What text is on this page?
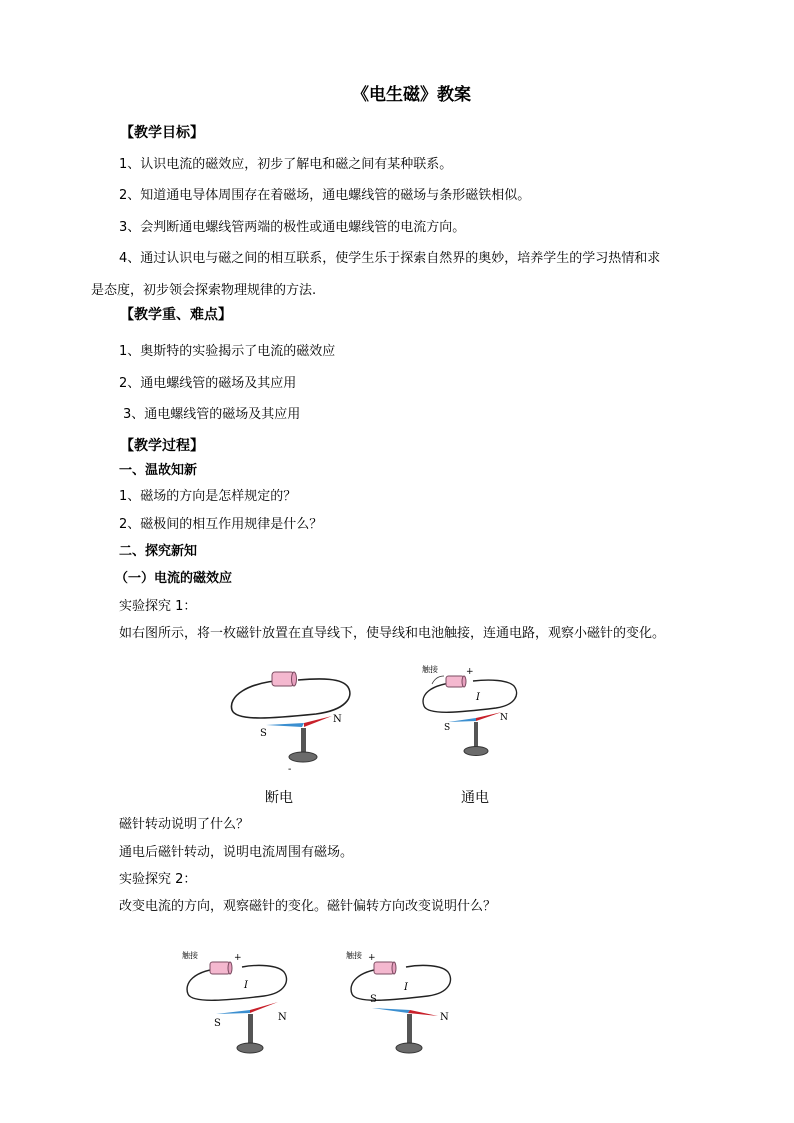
《电生磁》教案
【教学目标】
1、认识电流的磁效应，初步了解电和磁之间有某种联系。
2、知道通电导体周围存在着磁场，通电螺线管的磁场与条形磁铁相似。
3、会判断通电螺线管两端的极性或通电螺线管的电流方向。
4、通过认识电与磁之间的相互联系，使学生乐于探索自然界的奥妙，培养学生的学习热情和求
是态度，初步领会探索物理规律的方法.
【教学重、难点】
1、奥斯特的实验揭示了电流的磁效应
2、通电螺线管的磁场及其应用
3、通电螺线管的磁场及其应用
【教学过程】
一、温故知新
1、磁场的方向是怎样规定的？
2、磁极间的相互作用规律是什么？
二、探究新知
（一）电流的磁效应
实验探究 1：
如右图所示，将一枚磁针放置在直导线下，使导线和电池触接，连通电路，观察小磁针的变化。
S
N
-
触接	+
I
S
N
断电	通电
磁针转动说明了什么？
通电后磁针转动，说明电流周围有磁场。
实验探究 2：
改变电流的方向，观察磁针的变化。磁针偏转方向改变说明什么？
触接	+
I
S
N
触接 +
I
S
N
